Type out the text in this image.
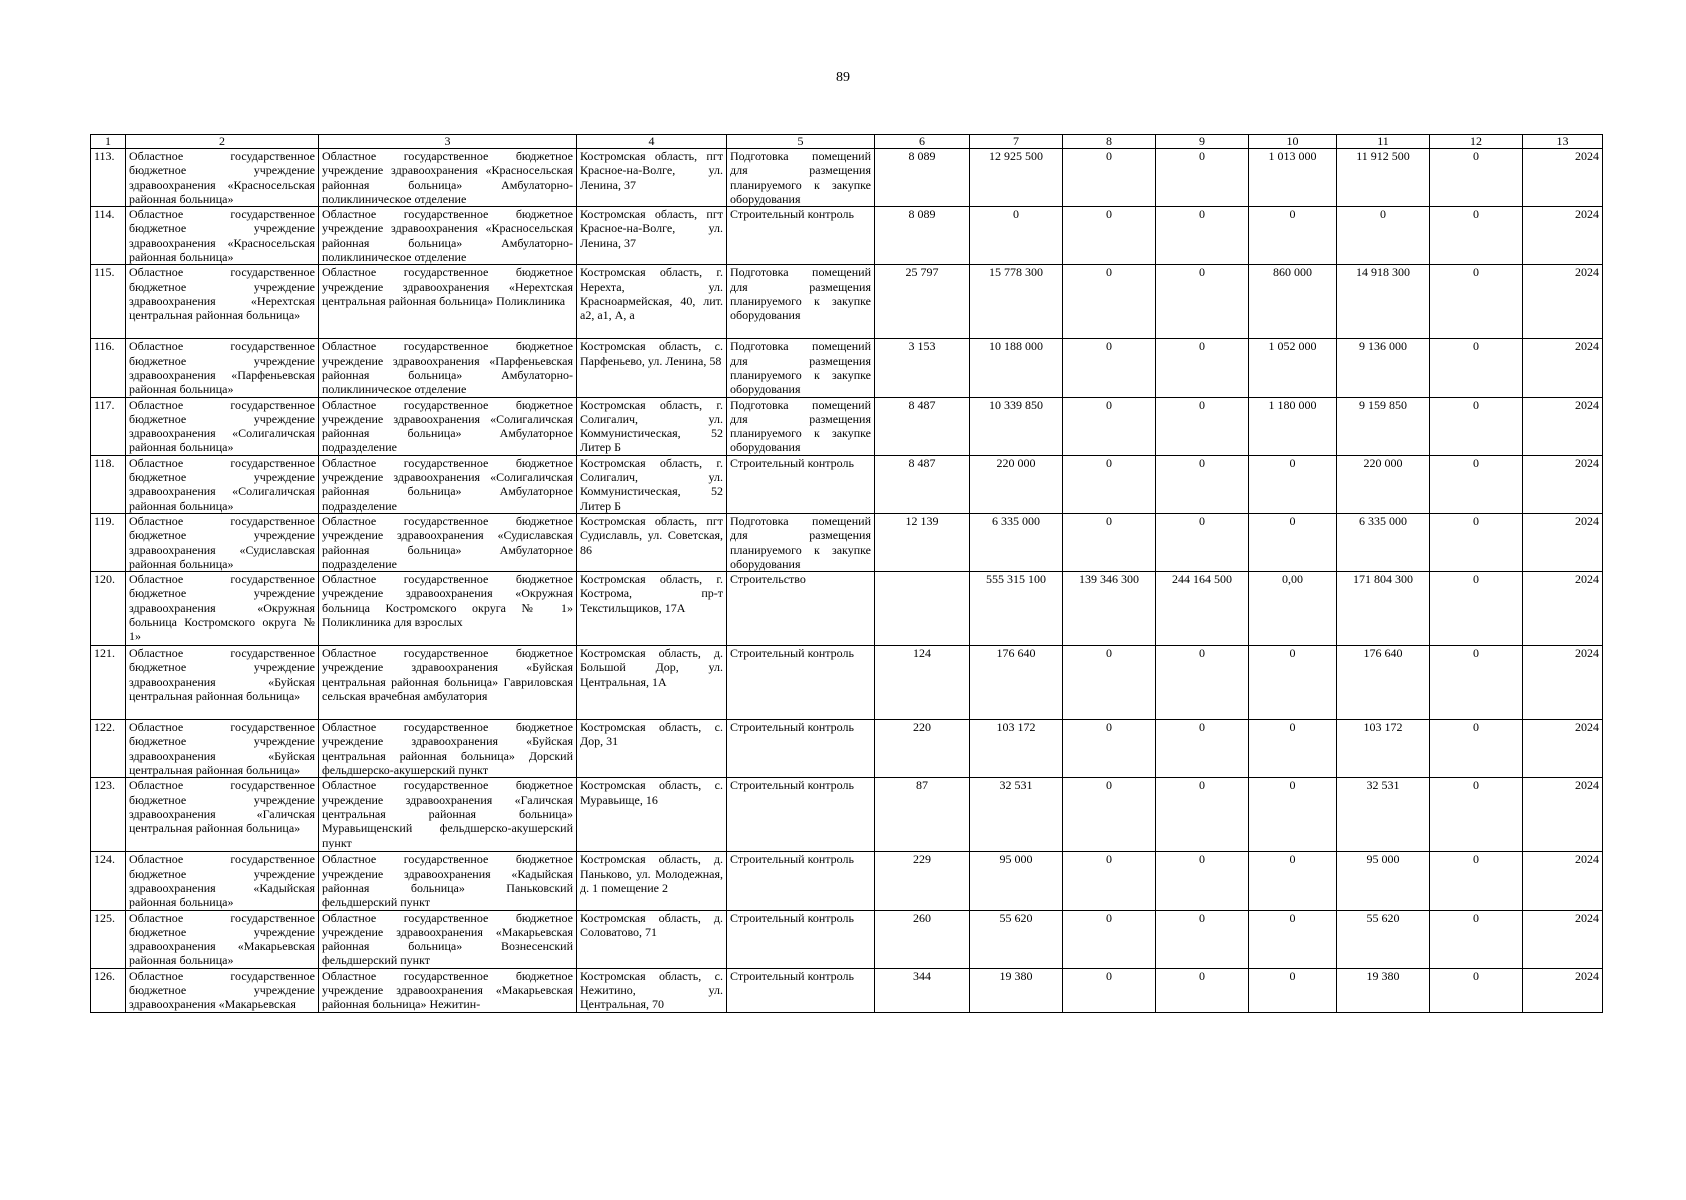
89
1	2	3	4	5	6	7	8	9	10	11	12	13
113.	Областное государственное бюджетное учреждение здравоохранения «Красносельская районная больница»	Областное государственное бюджетное учреждение здравоохранения «Красносельская районная больница» Амбулаторно-поликлиническое отделение	Костромская область, пгт Красное-на-Волге, ул. Ленина, 37	Подготовка помещений для размещения планируемого к закупке оборудования	8 089	12 925 500	0	0	1 013 000	11 912 500	0	2024
114.	Областное государственное бюджетное учреждение здравоохранения «Красносельская районная больница»	Областное государственное бюджетное учреждение здравоохранения «Красносельская районная больница» Амбулаторно-поликлиническое отделение	Костромская область, пгт Красное-на-Волге, ул. Ленина, 37	Строительный контроль	8 089	0	0	0	0	0	0	2024
115.	Областное государственное бюджетное учреждение здравоохранения «Нерехтская центральная районная больница»	Областное государственное бюджетное учреждение здравоохранения «Нерехтская центральная районная больница» Поликлиника	Костромская область, г. Нерехта, ул. Красноармейская, 40, лит. а2, а1, А, а	Подготовка помещений для размещения планируемого к закупке оборудования	25 797	15 778 300	0	0	860 000	14 918 300	0	2024
116.	Областное государственное бюджетное учреждение здравоохранения «Парфеньевская районная больница»	Областное государственное бюджетное учреждение здравоохранения «Парфеньевская районная больница» Амбулаторно-поликлиническое отделение	Костромская область, с. Парфеньево, ул. Ленина, 58	Подготовка помещений для размещения планируемого к закупке оборудования	3 153	10 188 000	0	0	1 052 000	9 136 000	0	2024
117.	Областное государственное бюджетное учреждение здравоохранения «Солигаличская районная больница»	Областное государственное бюджетное учреждение здравоохранения «Солигаличская районная больница» Амбулаторное подразделение	Костромская область, г. Солигалич, ул. Коммунистическая, 52 Литер Б	Подготовка помещений для размещения планируемого к закупке оборудования	8 487	10 339 850	0	0	1 180 000	9 159 850	0	2024
118.	Областное государственное бюджетное учреждение здравоохранения «Солигаличская районная больница»	Областное государственное бюджетное учреждение здравоохранения «Солигаличская районная больница» Амбулаторное подразделение	Костромская область, г. Солигалич, ул. Коммунистическая, 52 Литер Б	Строительный контроль	8 487	220 000	0	0	0	220 000	0	2024
119.	Областное государственное бюджетное учреждение здравоохранения «Судиславская районная больница»	Областное государственное бюджетное учреждение здравоохранения «Судиславская районная больница» Амбулаторное подразделение	Костромская область, пгт Судиславль, ул. Советская, 86	Подготовка помещений для размещения планируемого к закупке оборудования	12 139	6 335 000	0	0	0	6 335 000	0	2024
120.	Областное государственное бюджетное учреждение здравоохранения «Окружная больница Костромского округа № 1»	Областное государственное бюджетное учреждение здравоохранения «Окружная больница Костромского округа № 1» Поликлиника для взрослых	Костромская область, г. Кострома, пр-т Текстильщиков, 17А	Строительство		555 315 100	139 346 300	244 164 500	0,00	171 804 300	0	2024
121.	Областное государственное бюджетное учреждение здравоохранения «Буйская центральная районная больница»	Областное государственное бюджетное учреждение здравоохранения «Буйская центральная районная больница» Гавриловская сельская врачебная амбулатория	Костромская область, д. Большой Дор, ул. Центральная, 1А	Строительный контроль	124	176 640	0	0	0	176 640	0	2024
122.	Областное государственное бюджетное учреждение здравоохранения «Буйская центральная районная больница»	Областное государственное бюджетное учреждение здравоохранения «Буйская центральная районная больница» Дорский фельдшерско-акушерский пункт	Костромская область, с. Дор, 31	Строительный контроль	220	103 172	0	0	0	103 172	0	2024
123.	Областное государственное бюджетное учреждение здравоохранения «Галичская центральная районная больница»	Областное государственное бюджетное учреждение здравоохранения «Галичская центральная районная больница» Муравьищенский фельдшерско-акушерский пункт	Костромская область, с. Муравьище, 16	Строительный контроль	87	32 531	0	0	0	32 531	0	2024
124.	Областное государственное бюджетное учреждение здравоохранения «Кадыйская районная больница»	Областное государственное бюджетное учреждение здравоохранения «Кадыйская районная больница» Паньковский фельдшерский пункт	Костромская область, д. Паньково, ул. Молодежная, д. 1 помещение 2	Строительный контроль	229	95 000	0	0	0	95 000	0	2024
125.	Областное государственное бюджетное учреждение здравоохранения «Макарьевская районная больница»	Областное государственное бюджетное учреждение здравоохранения «Макарьевская районная больница» Вознесенский фельдшерский пункт	Костромская область, д. Соловатово, 71	Строительный контроль	260	55 620	0	0	0	55 620	0	2024
126.	Областное государственное бюджетное учреждение здравоохранения «Макарьевская	Областное государственное бюджетное учреждение здравоохранения «Макарьевская районная больница» Нежитин-	Костромская область, с. Нежитино, ул. Центральная, 70	Строительный контроль	344	19 380	0	0	0	19 380	0	2024
